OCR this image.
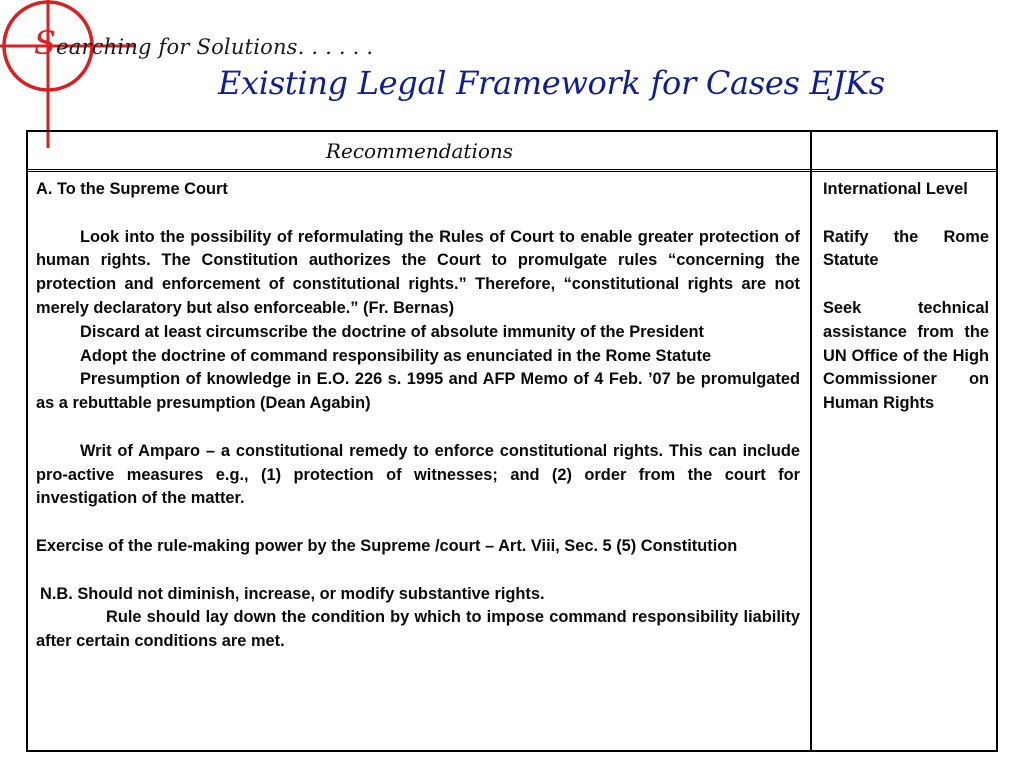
Searching for Solutions. . . . . .
Existing Legal Framework for Cases EJKs
Recommendations

A. To the Supreme Court

Look into the possibility of reformulating the Rules of Court to enable greater protection of human rights. The Constitution authorizes the Court to promulgate rules “concerning the protection and enforcement of constitutional rights.” Therefore, “constitutional rights are not merely declaratory but also enforceable.” (Fr. Bernas)

Discard at least circumscribe the doctrine of absolute immunity of the President

Adopt the doctrine of command responsibility as enunciated in the Rome Statute

Presumption of knowledge in E.O. 226 s. 1995 and AFP Memo of 4 Feb. ’07 be promulgated as a rebuttable presumption (Dean Agabin)

Writ of Amparo – a constitutional remedy to enforce constitutional rights. This can include pro-active measures e.g., (1) protection of witnesses; and (2) order from the court for investigation of the matter.

Exercise of the rule-making power by the Supreme /court – Art. Viii, Sec. 5 (5) Constitution

N.B. Should not diminish, increase, or modify substantive rights.

Rule should lay down the condition by which to impose command responsibility liability after certain conditions are met.

International Level

Ratify the Rome Statute

Seek technical assistance from the UN Office of the High Commissioner on Human Rights
